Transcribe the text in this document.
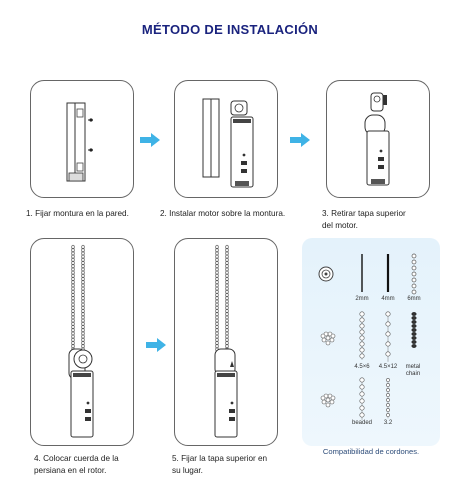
MÉTODO DE INSTALACIÓN
1. Fijar montura en la pared.	2. Instalar motor sobre la montura.	3. Retirar tapa superior
del motor.
4. Colocar cuerda de la
persiana en el rotor.
5. Fijar la tapa superior en
su lugar.
2mm	4mm	6mm
4.5×6	4.5×12	metal chain
beaded	3.2
Compatibilidad de cordones.
